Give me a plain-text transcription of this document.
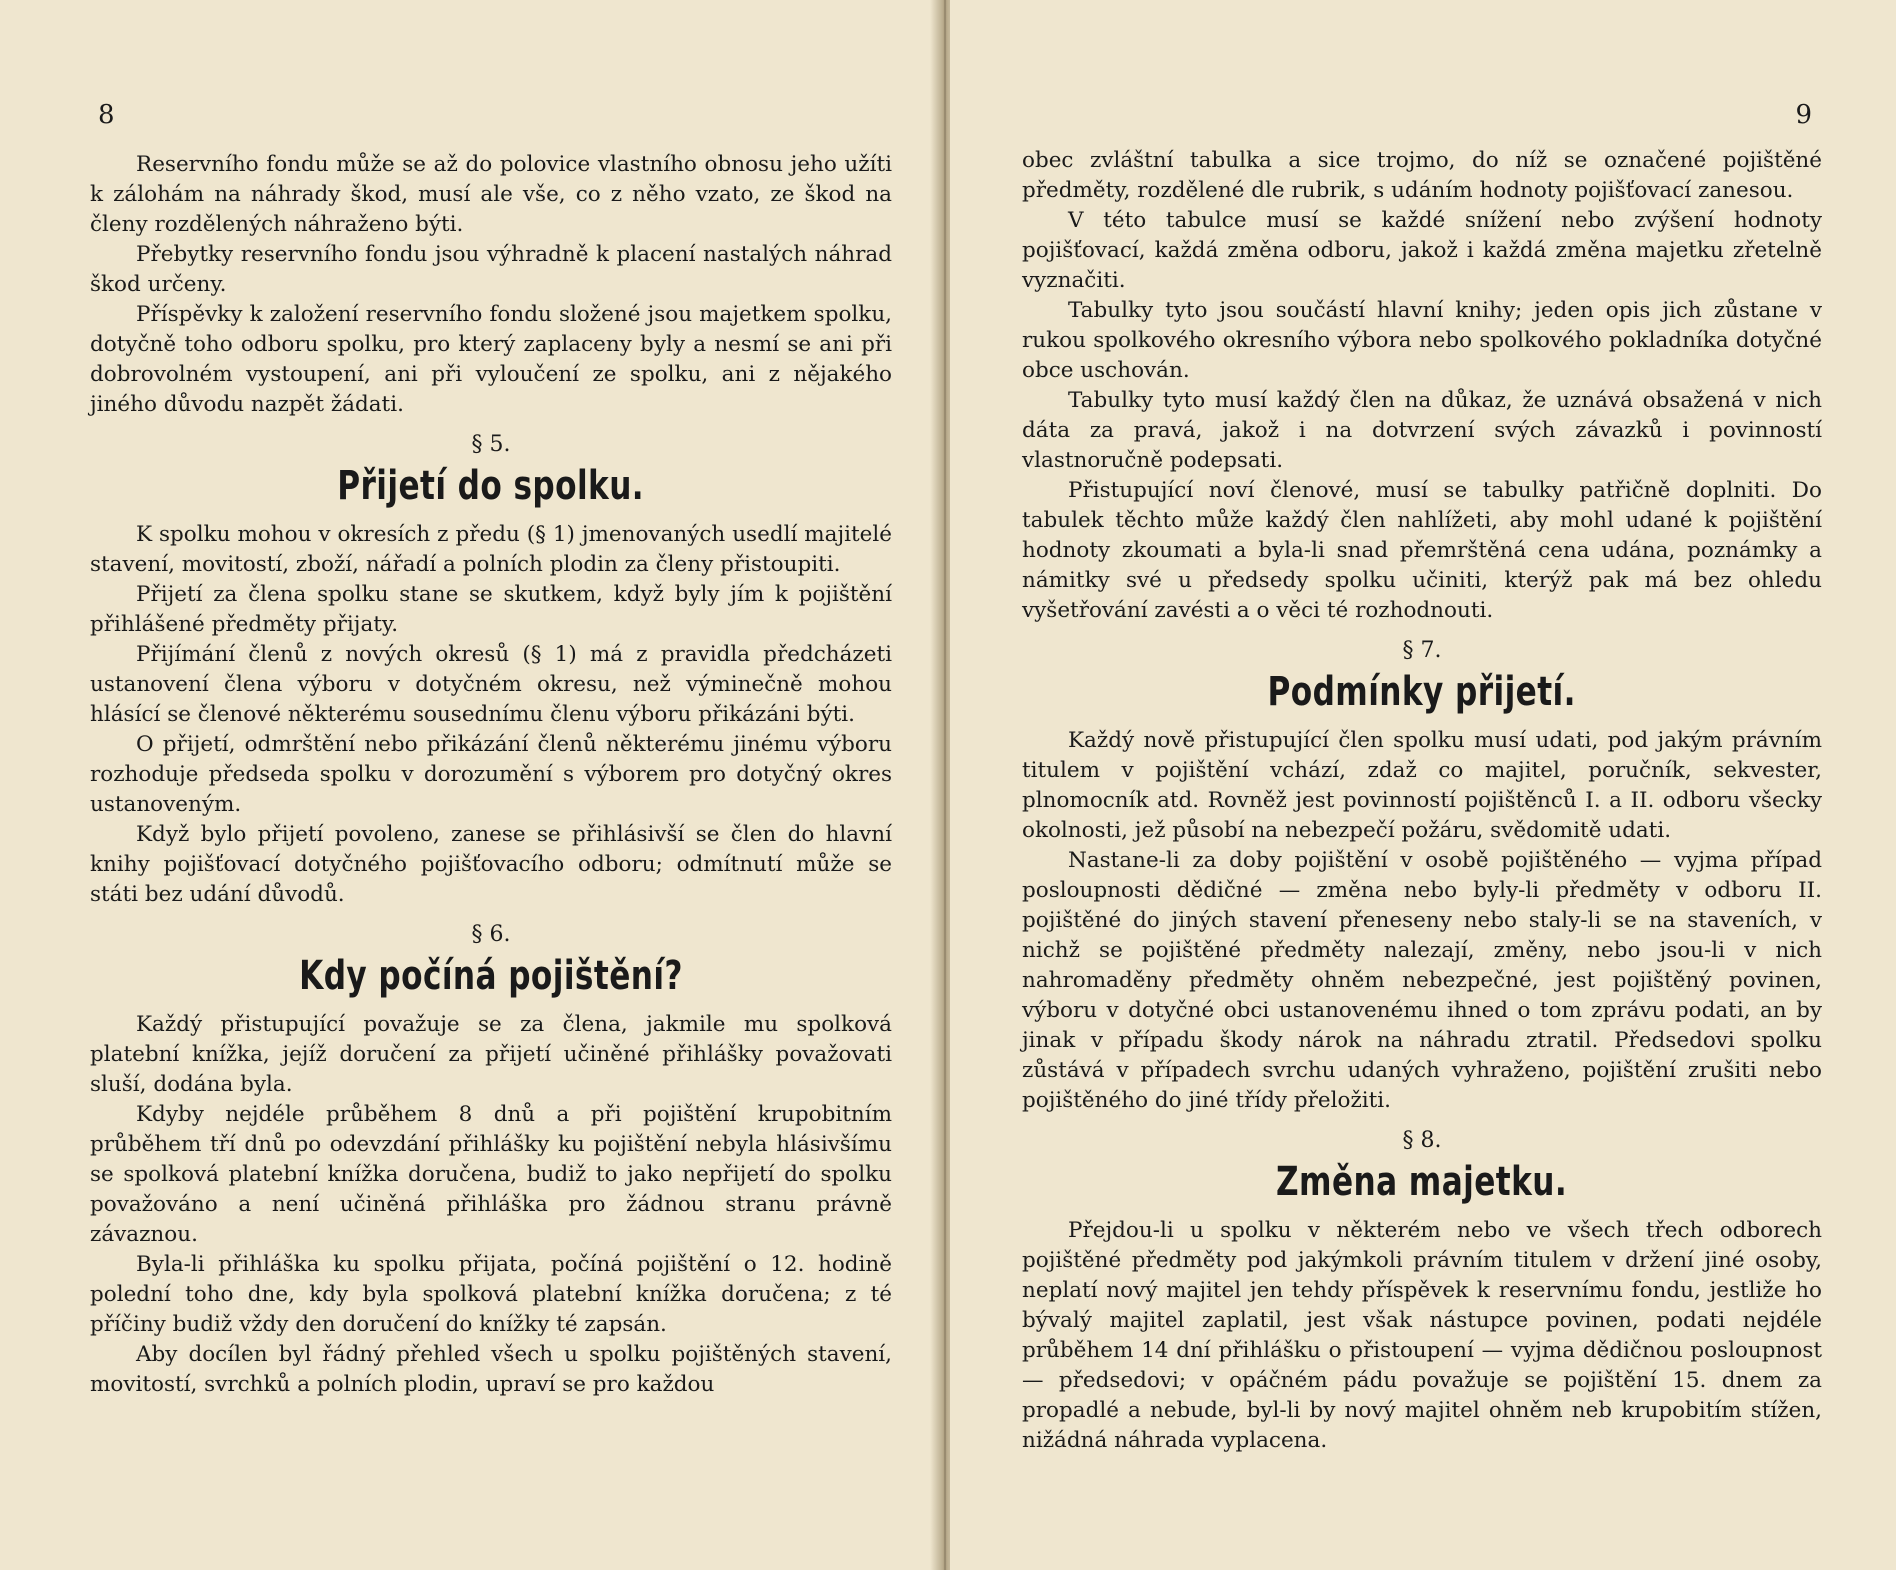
8

Reservního fondu může se až do polovice vlastního obnosu jeho užíti k zálohám na náhrady škod, musí ale vše, co z něho vzato, ze škod na členy rozdělených náhraženo býti.

Přebytky reservního fondu jsou výhradně k placení nastalých náhrad škod určeny.

Příspěvky k založení reservního fondu složené jsou majetkem spolku, dotyčně toho odboru spolku, pro který zaplaceny byly a nesmí se ani při dobrovolném vystoupení, ani při vyloučení ze spolku, ani z nějakého jiného důvodu nazpět žádati.

§ 5.
Přijetí do spolku.

K spolku mohou v okresích z předu (§ 1) jmenovaných usedlí majitelé stavení, movitostí, zboží, nářadí a polních plodin za členy přistoupiti.

Přijetí za člena spolku stane se skutkem, když byly jím k pojištění přihlášené předměty přijaty.

Přijímání členů z nových okresů (§ 1) má z pravidla předcházeti ustanovení člena výboru v dotyčném okresu, než výminečně mohou hlásící se členové některému sousednímu členu výboru přikázáni býti.

O přijetí, odmrštění nebo přikázání členů některému jinému výboru rozhoduje předseda spolku v dorozumění s výborem pro dotyčný okres ustanoveným.

Když bylo přijetí povoleno, zanese se přihlásivší se člen do hlavní knihy pojišťovací dotyčného pojišťovacího odboru; odmítnutí může se státi bez udání důvodů.

§ 6.
Kdy počíná pojištění?

Každý přistupující považuje se za člena, jakmile mu spolková platební knížka, jejíž doručení za přijetí učiněné přihlášky považovati sluší, dodána byla.

Kdyby nejdéle průběhem 8 dnů a při pojištění krupobitním průběhem tří dnů po odevzdání přihlášky ku pojištění nebyla hlásivšímu se spolková platební knížka doručena, budiž to jako nepřijetí do spolku považováno a není učiněná přihláška pro žádnou stranu právně závaznou.

Byla-li přihláška ku spolku přijata, počíná pojištění o 12. hodině polední toho dne, kdy byla spolková platební knížka doručena; z té příčiny budiž vždy den doručení do knížky té zapsán.

Aby docílen byl řádný přehled všech u spolku pojištěných stavení, movitostí, svrchků a polních plodin, upraví se pro každou

9

obec zvláštní tabulka a sice trojmo, do níž se označené pojištěné předměty, rozdělené dle rubrik, s udáním hodnoty pojišťovací zanesou.

V této tabulce musí se každé snížení nebo zvýšení hodnoty pojišťovací, každá změna odboru, jakož i každá změna majetku zřetelně vyznačiti.

Tabulky tyto jsou součástí hlavní knihy; jeden opis jich zůstane v rukou spolkového okresního výbora nebo spolkového pokladníka dotyčné obce uschován.

Tabulky tyto musí každý člen na důkaz, že uznává obsažená v nich dáta za pravá, jakož i na dotvrzení svých závazků i povinností vlastnoručně podepsati.

Přistupující noví členové, musí se tabulky patřičně doplniti. Do tabulek těchto může každý člen nahlížeti, aby mohl udané k pojištění hodnoty zkoumati a byla-li snad přemrštěná cena udána, poznámky a námitky své u předsedy spolku učiniti, kterýž pak má bez ohledu vyšetřování zavésti a o věci té rozhodnouti.

§ 7.
Podmínky přijetí.

Každý nově přistupující člen spolku musí udati, pod jakým právním titulem v pojištění vchází, zdaž co majitel, poručník, sekvester, plnomocník atd. Rovněž jest povinností pojištěnců I. a II. odboru všecky okolnosti, jež působí na nebezpečí požáru, svědomitě udati.

Nastane-li za doby pojištění v osobě pojištěného — vyjma případ posloupnosti dědičné — změna nebo byly-li předměty v odboru II. pojištěné do jiných stavení přeneseny nebo staly-li se na staveních, v nichž se pojištěné předměty nalezají, změny, nebo jsou-li v nich nahromaděny předměty ohněm nebezpečné, jest pojištěný povinen, výboru v dotyčné obci ustanovenému ihned o tom zprávu podati, an by jinak v případu škody nárok na náhradu ztratil. Předsedovi spolku zůstává v případech svrchu udaných vyhraženo, pojištění zrušiti nebo pojištěného do jiné třídy přeložiti.

§ 8.
Změna majetku.

Přejdou-li u spolku v některém nebo ve všech třech odborech pojištěné předměty pod jakýmkoli právním titulem v držení jiné osoby, neplatí nový majitel jen tehdy příspěvek k reservnímu fondu, jestliže ho bývalý majitel zaplatil, jest však nástupce povinen, podati nejdéle průběhem 14 dní přihlášku o přistoupení — vyjma dědičnou posloupnost — předsedovi; v opáčném pádu považuje se pojištění 15. dnem za propadlé a nebude, byl-li by nový majitel ohněm neb krupobitím stížen, nižádná náhrada vyplacena.
